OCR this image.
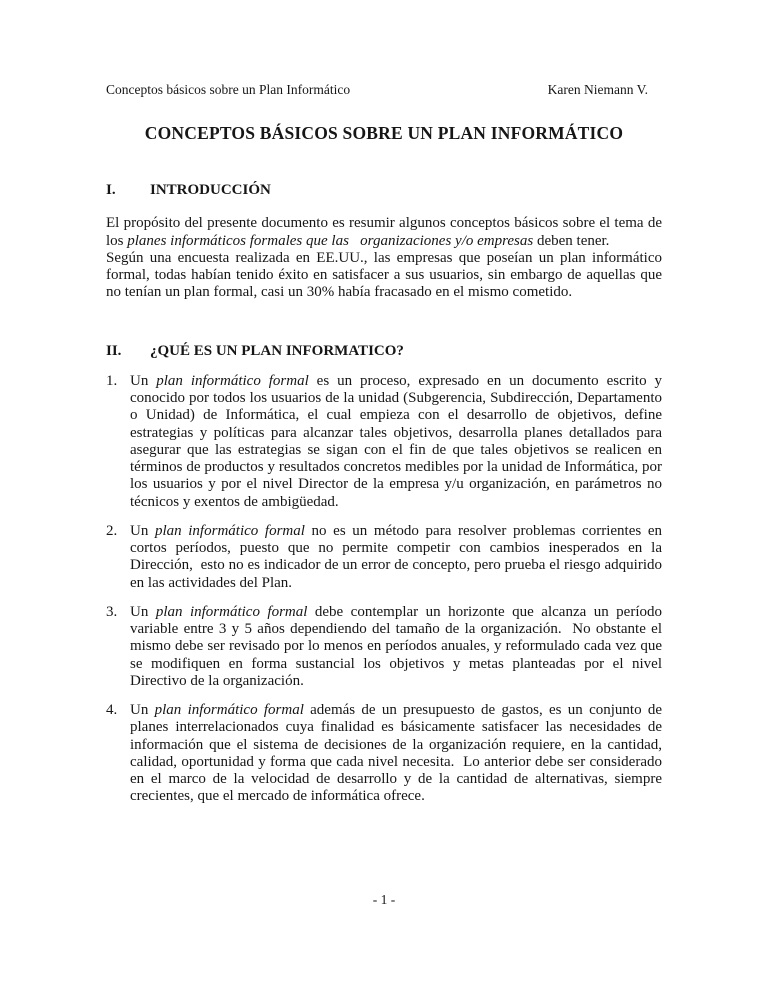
Conceptos básicos sobre un Plan Informático	Karen Niemann V.
CONCEPTOS BÁSICOS SOBRE UN PLAN INFORMÁTICO
I. INTRODUCCIÓN

El propósito del presente documento es resumir algunos conceptos básicos sobre el tema de los planes informáticos formales que las   organizaciones y/o empresas deben tener.

Según una encuesta realizada en EE.UU., las empresas que poseían un plan informático formal, todas habían tenido éxito en satisfacer a sus usuarios, sin embargo de aquellas que no tenían un plan formal, casi un 30% había fracasado en el mismo cometido.

II. ¿QUÉ ES UN PLAN INFORMATICO?
1. Un plan informático formal es un proceso, expresado en un documento escrito y conocido por todos los usuarios de la unidad (Subgerencia, Subdirección, Departamento o Unidad) de Informática, el cual empieza con el desarrollo de objetivos, define estrategias y políticas para alcanzar tales objetivos, desarrolla planes detallados para asegurar que las estrategias se sigan con el fin de que tales objetivos se realicen en términos de productos y resultados concretos medibles por la unidad de Informática, por los usuarios y por el nivel Director de la empresa y/u organización, en parámetros no técnicos y exentos de ambigüedad.
2. Un plan informático formal no es un método para resolver problemas corrientes en cortos períodos, puesto que no permite competir con cambios inesperados en la Dirección,  esto no es indicador de un error de concepto, pero prueba el riesgo adquirido en las actividades del Plan.
3. Un plan informático formal debe contemplar un horizonte que alcanza un período variable entre 3 y 5 años dependiendo del tamaño de la organización.  No obstante el mismo debe ser revisado por lo menos en períodos anuales, y reformulado cada vez que se modifiquen en forma sustancial los objetivos y metas planteadas por el nivel Directivo de la organización.
4. Un plan informático formal además de un presupuesto de gastos, es un conjunto de planes interrelacionados cuya finalidad es básicamente satisfacer las necesidades de información que el sistema de decisiones de la organización requiere, en la cantidad, calidad, oportunidad y forma que cada nivel necesita.  Lo anterior debe ser considerado en el marco de la velocidad de desarrollo y de la cantidad de alternativas, siempre crecientes, que el mercado de informática ofrece.
- 1 -
